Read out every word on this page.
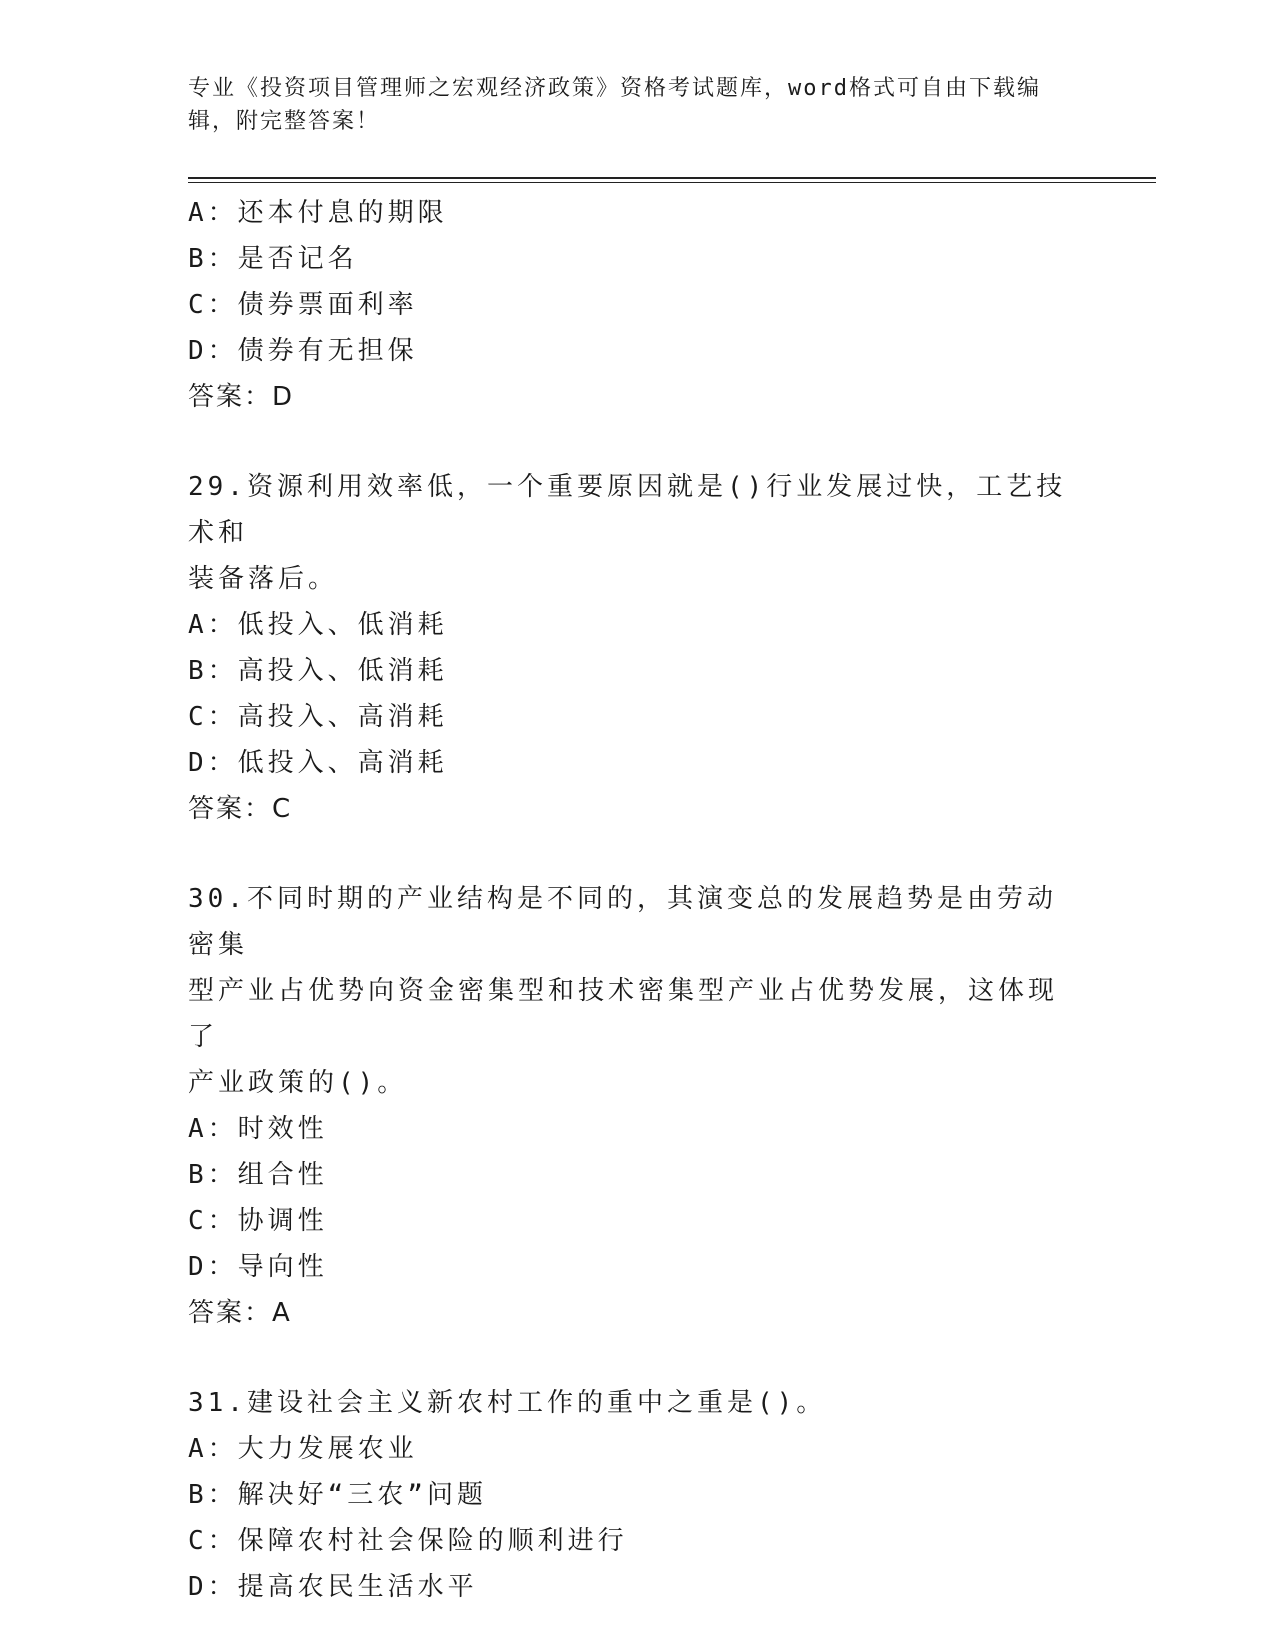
专业《投资项目管理师之宏观经济政策》资格考试题库，word格式可自由下载编
辑，附完整答案！
A：还本付息的期限
B：是否记名
C：债券票面利率
D：债券有无担保
答案：D
29.资源利用效率低，一个重要原因就是()行业发展过快，工艺技术和
装备落后。
A：低投入、低消耗
B：高投入、低消耗
C：高投入、高消耗
D：低投入、高消耗
答案：C
30.不同时期的产业结构是不同的，其演变总的发展趋势是由劳动密集
型产业占优势向资金密集型和技术密集型产业占优势发展，这体现了
产业政策的()。
A：时效性
B：组合性
C：协调性
D：导向性
答案：A
31.建设社会主义新农村工作的重中之重是()。
A：大力发展农业
B：解决好“三农”问题
C：保障农村社会保险的顺利进行
D：提高农民生活水平
